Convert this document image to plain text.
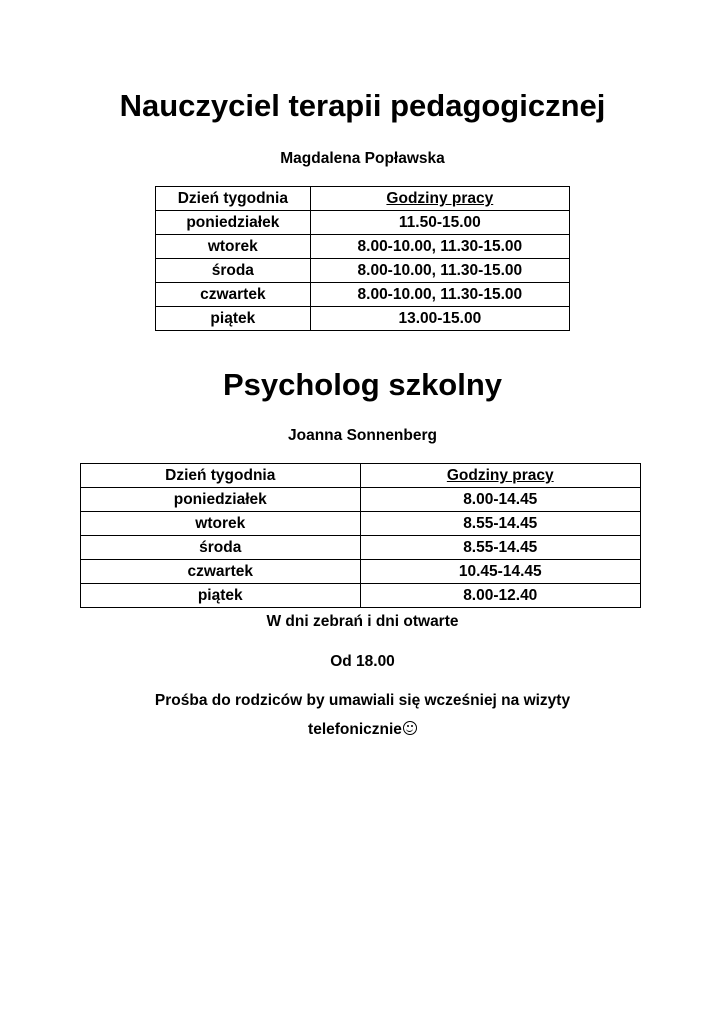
Nauczyciel terapii pedagogicznej

Magdalena Popławska

Dzień tygodnia	Godziny pracy
poniedziałek	11.50-15.00
wtorek	8.00-10.00, 11.30-15.00
środa	8.00-10.00, 11.30-15.00
czwartek	8.00-10.00, 11.30-15.00
piątek	13.00-15.00
Psycholog szkolny

Joanna Sonnenberg

Dzień tygodnia	Godziny pracy
poniedziałek	8.00-14.45
wtorek	8.55-14.45
środa	8.55-14.45
czwartek	10.45-14.45
piątek	8.00-12.40

W dni zebrań i dni otwarte

Od 18.00

Prośba do rodziców by umawiali się wcześniej na wizyty

telefonicznie
